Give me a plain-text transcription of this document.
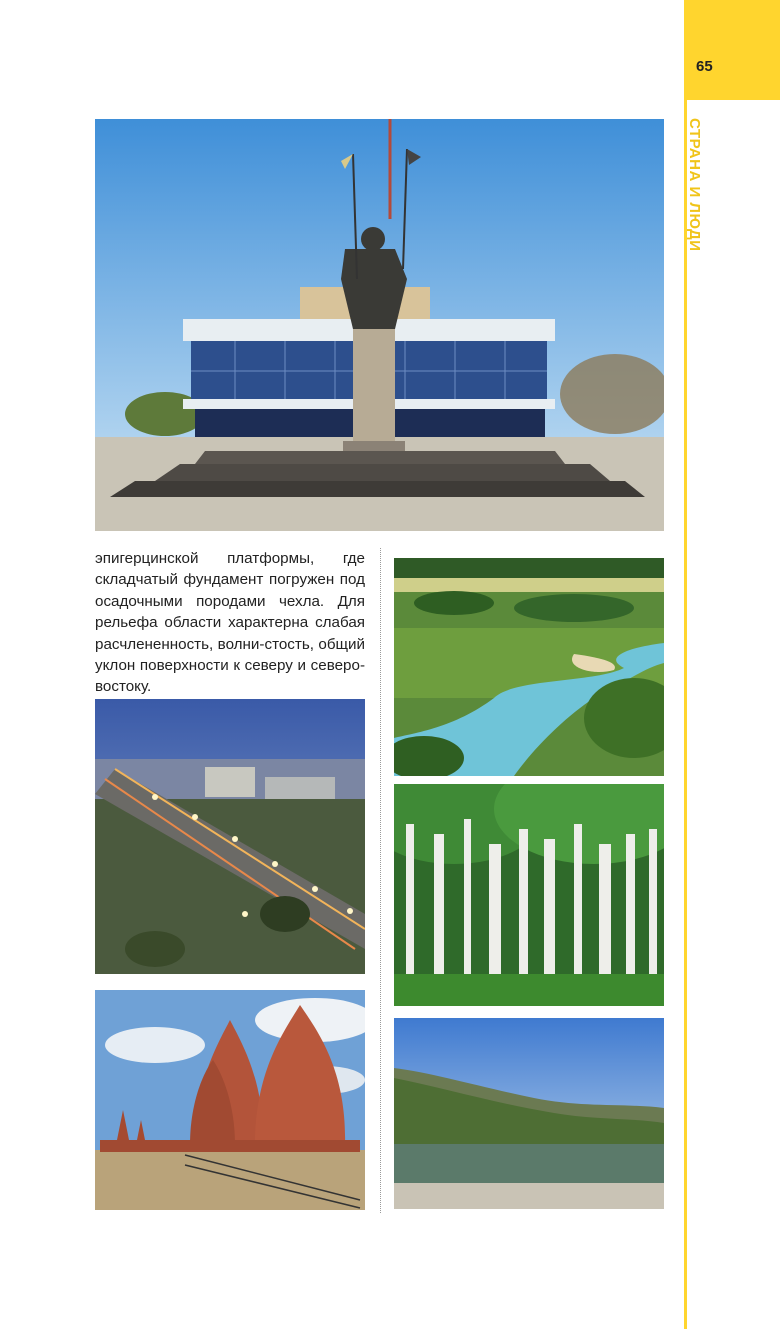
65
СТРАНА И ЛЮДИ
эпигерцинской платформы, где складчатый фундамент погружен под осадочными породами чехла. Для рельефа области характерна слабая расчлененность, волни-стость, общий уклон поверхности к северу и северо-востоку.
